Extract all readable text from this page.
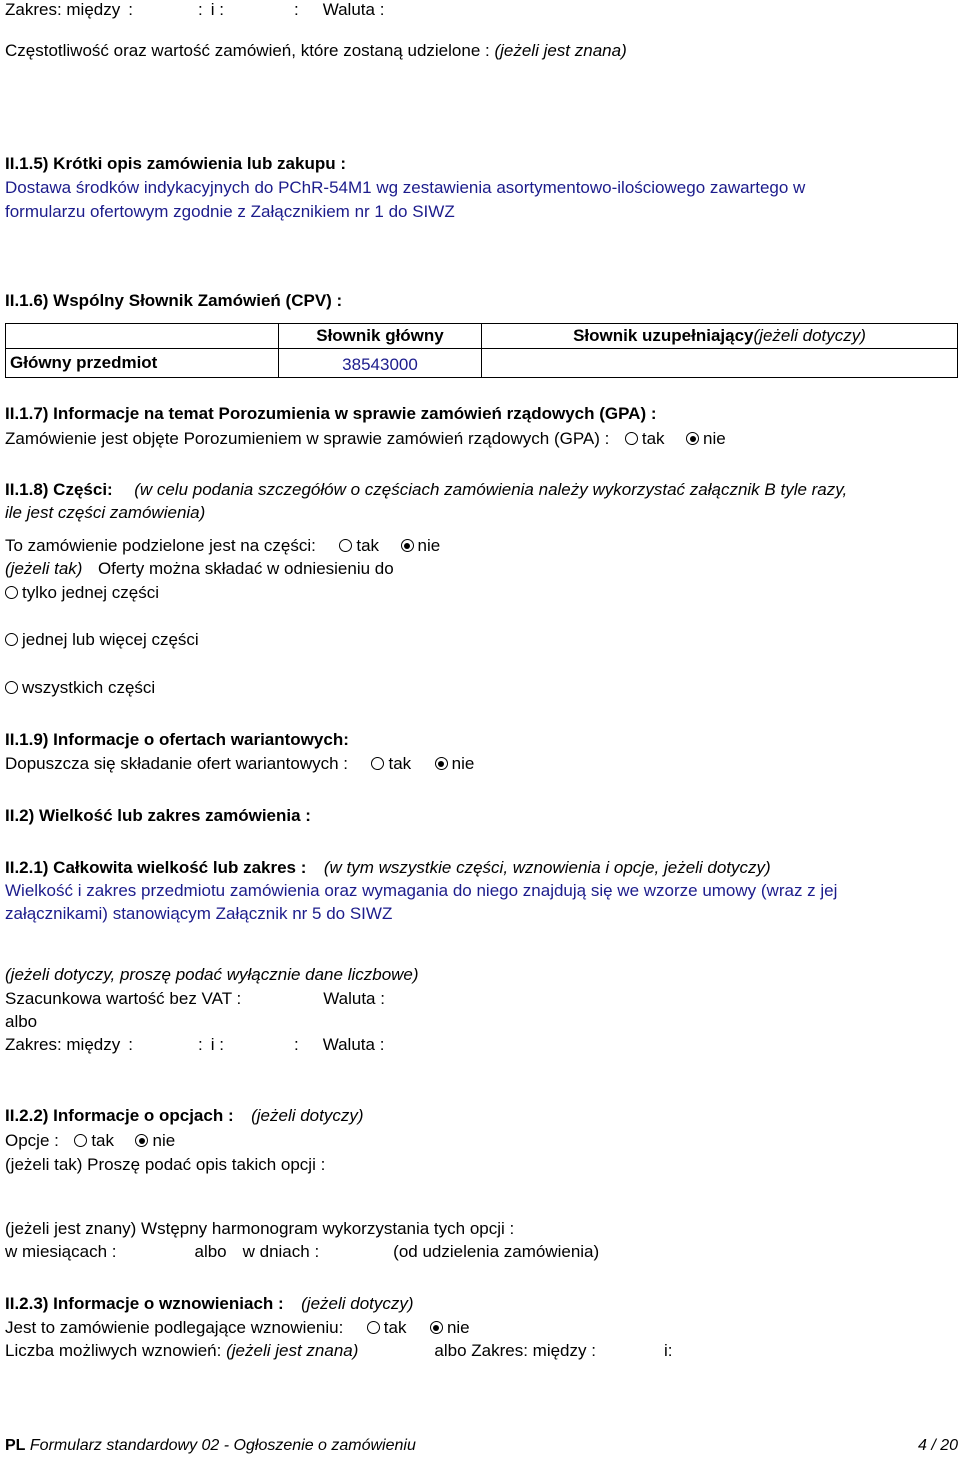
Zakres: między :	: i :	: Waluta :
Częstotliwość oraz wartość zamówień, które zostaną udzielone : (jeżeli jest znana)
II.1.5) Krótki opis zamówienia lub zakupu :
Dostawa środków indykacyjnych do PChR-54M1 wg zestawienia asortymentowo-ilościowego zawartego w
formularzu ofertowym zgodnie z Załącznikiem nr 1 do SIWZ
II.1.6) Wspólny Słownik Zamówień (CPV) :
	Słownik główny	Słownik uzupełniający(jeżeli dotyczy)
Główny przedmiot	38543000	
II.1.7) Informacje na temat Porozumienia w sprawie zamówień rządowych (GPA) :
Zamówienie jest objęte Porozumieniem w sprawie zamówień rządowych (GPA) : tak nie
II.1.8) Części: (w celu podania szczegółów o częściach zamówienia należy wykorzystać załącznik B tyle razy,
ile jest części zamówienia)
To zamówienie podzielone jest na części: tak nie
(jeżeli tak) Oferty można składać w odniesieniu do
tylko jednej części
jednej lub więcej części
wszystkich części
II.1.9) Informacje o ofertach wariantowych:
Dopuszcza się składanie ofert wariantowych : tak nie
II.2) Wielkość lub zakres zamówienia :
II.2.1) Całkowita wielkość lub zakres : (w tym wszystkie części, wznowienia i opcje, jeżeli dotyczy)
Wielkość i zakres przedmiotu zamówienia oraz wymagania do niego znajdują się we wzorze umowy (wraz z jej
załącznikami) stanowiącym Załącznik nr 5 do SIWZ
(jeżeli dotyczy, proszę podać wyłącznie dane liczbowe)
Szacunkowa wartość bez VAT :	Waluta :
albo
Zakres: między :	: i :	: Waluta :
II.2.2) Informacje o opcjach : (jeżeli dotyczy)
Opcje : tak nie
(jeżeli tak) Proszę podać opis takich opcji :
(jeżeli jest znany) Wstępny harmonogram wykorzystania tych opcji :
w miesiącach :	albo w dniach :	(od udzielenia zamówienia)
II.2.3) Informacje o wznowieniach : (jeżeli dotyczy)
Jest to zamówienie podlegające wznowieniu: tak nie
Liczba możliwych wznowień: (jeżeli jest znana)	albo Zakres: między :	i:
PL Formularz standardowy 02 - Ogłoszenie o zamówieniu	4 / 20
